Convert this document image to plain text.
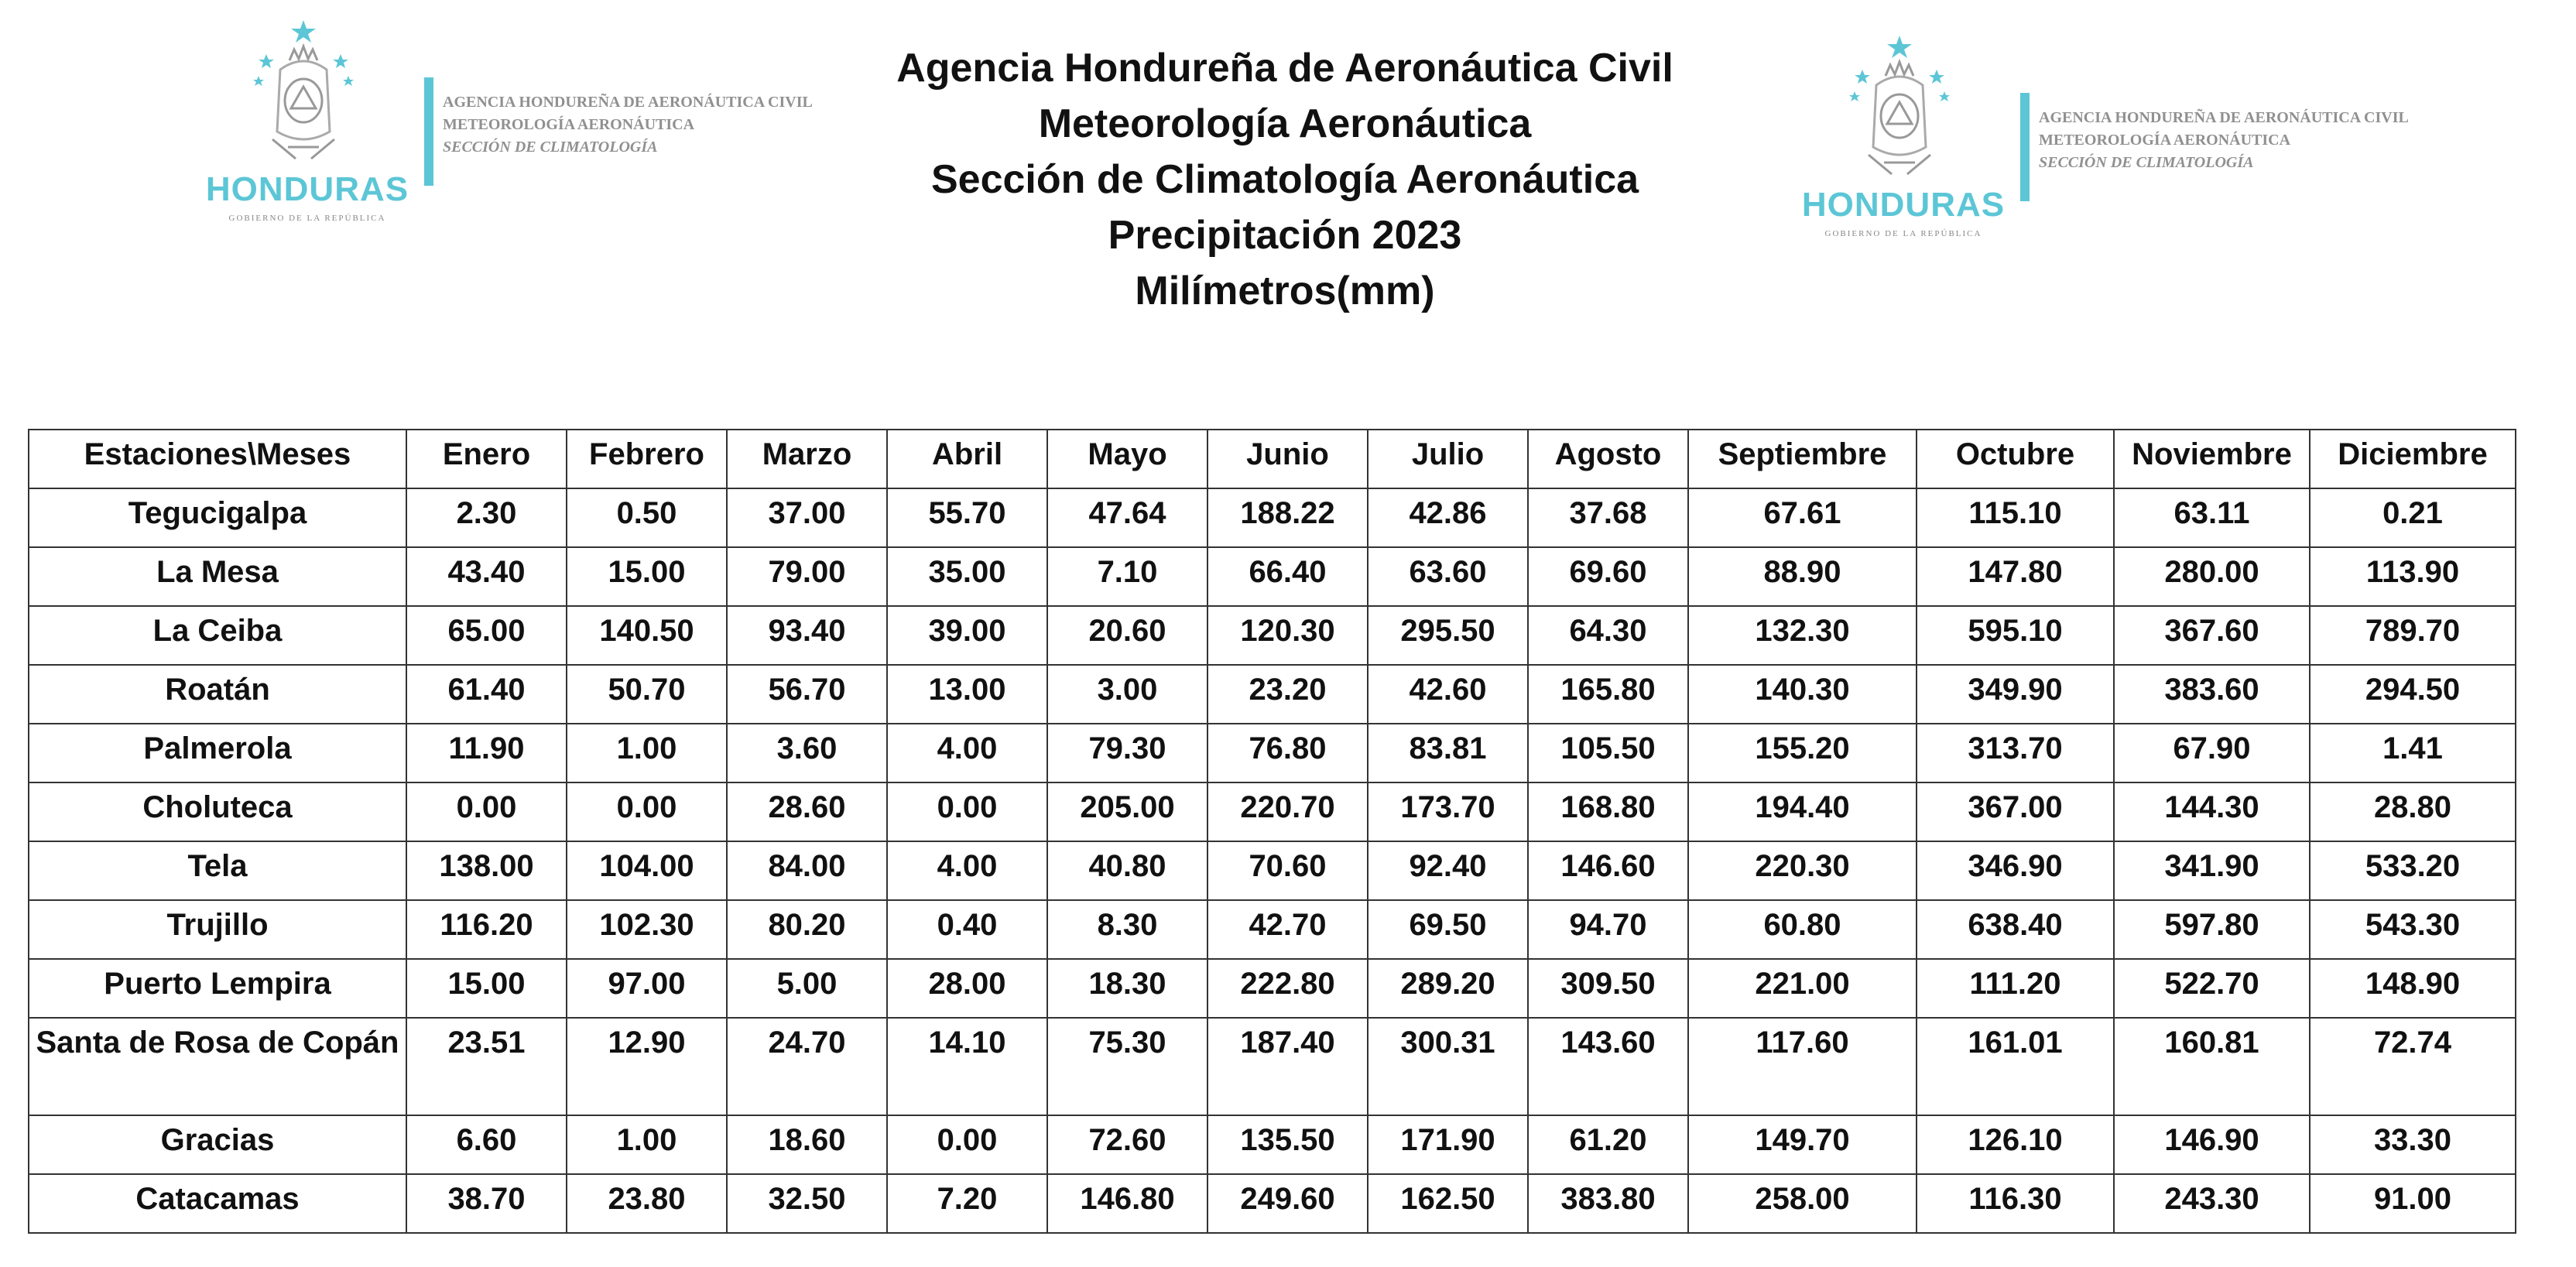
HONDURAS
GOBIERNO DE LA REPÚBLICA
AGENCIA HONDUREÑA DE AERONÁUTICA CIVIL
METEOROLOGÍA AERONÁUTICA
SECCIÓN DE CLIMATOLOGÍA
HONDURAS
GOBIERNO DE LA REPÚBLICA
AGENCIA HONDUREÑA DE AERONÁUTICA CIVIL
METEOROLOGÍA AERONÁUTICA
SECCIÓN DE CLIMATOLOGÍA
Agencia Hondureña de Aeronáutica Civil
Meteorología Aeronáutica
Sección de Climatología Aeronáutica
Precipitación 2023
Milímetros(mm)
Estaciones\Meses	Enero	Febrero	Marzo	Abril	Mayo	Junio	Julio	Agosto	Septiembre	Octubre	Noviembre	Diciembre
Tegucigalpa	2.30	0.50	37.00	55.70	47.64	188.22	42.86	37.68	67.61	115.10	63.11	0.21
La Mesa	43.40	15.00	79.00	35.00	7.10	66.40	63.60	69.60	88.90	147.80	280.00	113.90
La Ceiba	65.00	140.50	93.40	39.00	20.60	120.30	295.50	64.30	132.30	595.10	367.60	789.70
Roatán	61.40	50.70	56.70	13.00	3.00	23.20	42.60	165.80	140.30	349.90	383.60	294.50
Palmerola	11.90	1.00	3.60	4.00	79.30	76.80	83.81	105.50	155.20	313.70	67.90	1.41
Choluteca	0.00	0.00	28.60	0.00	205.00	220.70	173.70	168.80	194.40	367.00	144.30	28.80
Tela	138.00	104.00	84.00	4.00	40.80	70.60	92.40	146.60	220.30	346.90	341.90	533.20
Trujillo	116.20	102.30	80.20	0.40	8.30	42.70	69.50	94.70	60.80	638.40	597.80	543.30
Puerto Lempira	15.00	97.00	5.00	28.00	18.30	222.80	289.20	309.50	221.00	111.20	522.70	148.90
Santa de Rosa de Copán	23.51	12.90	24.70	14.10	75.30	187.40	300.31	143.60	117.60	161.01	160.81	72.74
Gracias	6.60	1.00	18.60	0.00	72.60	135.50	171.90	61.20	149.70	126.10	146.90	33.30
Catacamas	38.70	23.80	32.50	7.20	146.80	249.60	162.50	383.80	258.00	116.30	243.30	91.00
